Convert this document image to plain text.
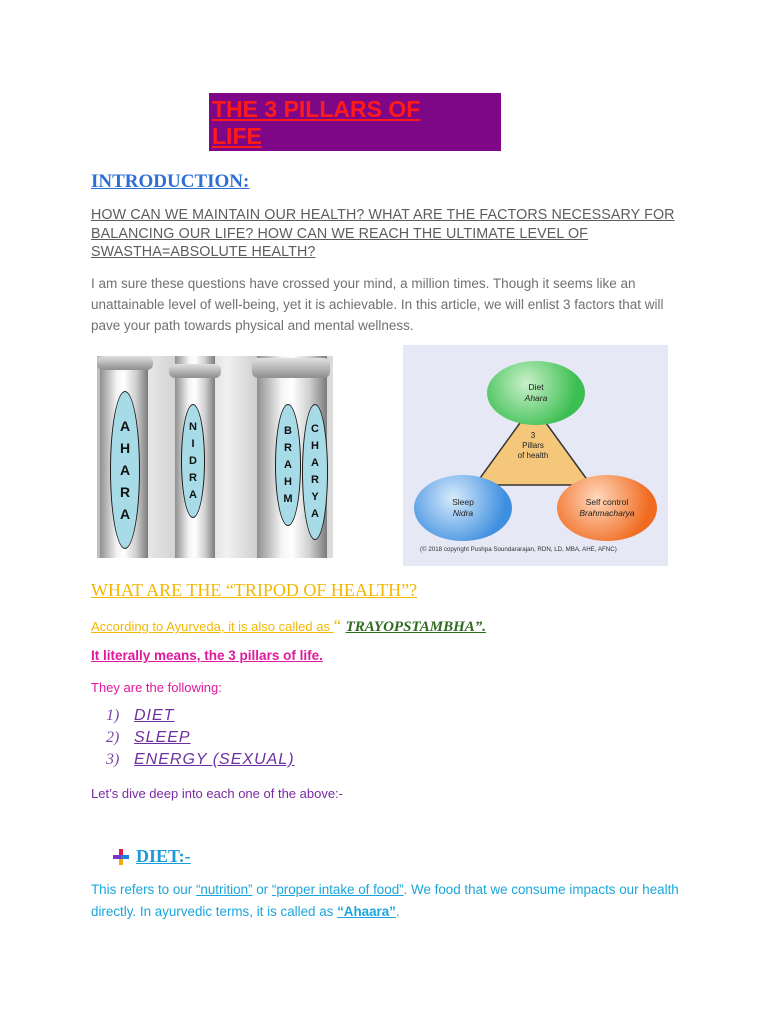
THE 3 PILLARS OF
LIFE
INTRODUCTION:
HOW CAN WE MAINTAIN OUR HEALTH? WHAT ARE THE FACTORS NECESSARY FOR BALANCING OUR LIFE? HOW CAN WE REACH THE ULTIMATE LEVEL OF SWASTHA=ABSOLUTE HEALTH?
I am sure these questions have crossed your mind, a million times. Though it seems like an unattainable level of well-being, yet it is achievable. In this article, we will enlist 3 factors that will pave your path towards physical and mental wellness.
A
H
A
R
A
N
I
D
R
A
B
R
A
H
M
C
H
A
R
Y
A
Diet
Ahara
3
Pillars
of health
Sleep
Nidra
Self control
Brahmacharya
(© 2018 copyright Pushpa Soundararajan, RDN, LD, MBA, AHE, AFNC)
WHAT ARE THE “TRIPOD OF HEALTH”?
According to Ayurveda, it is also called as “ TRAYOPSTAMBHA”.
It literally means, the 3 pillars of life.
They are the following:
1) DIET
2) SLEEP
3) ENERGY (SEXUAL)
Let’s dive deep into each one of the above:-
DIET:-
This refers to our “nutrition” or “proper intake of food”. We food that we consume impacts our health directly. In ayurvedic terms, it is called as “Ahaara”.
